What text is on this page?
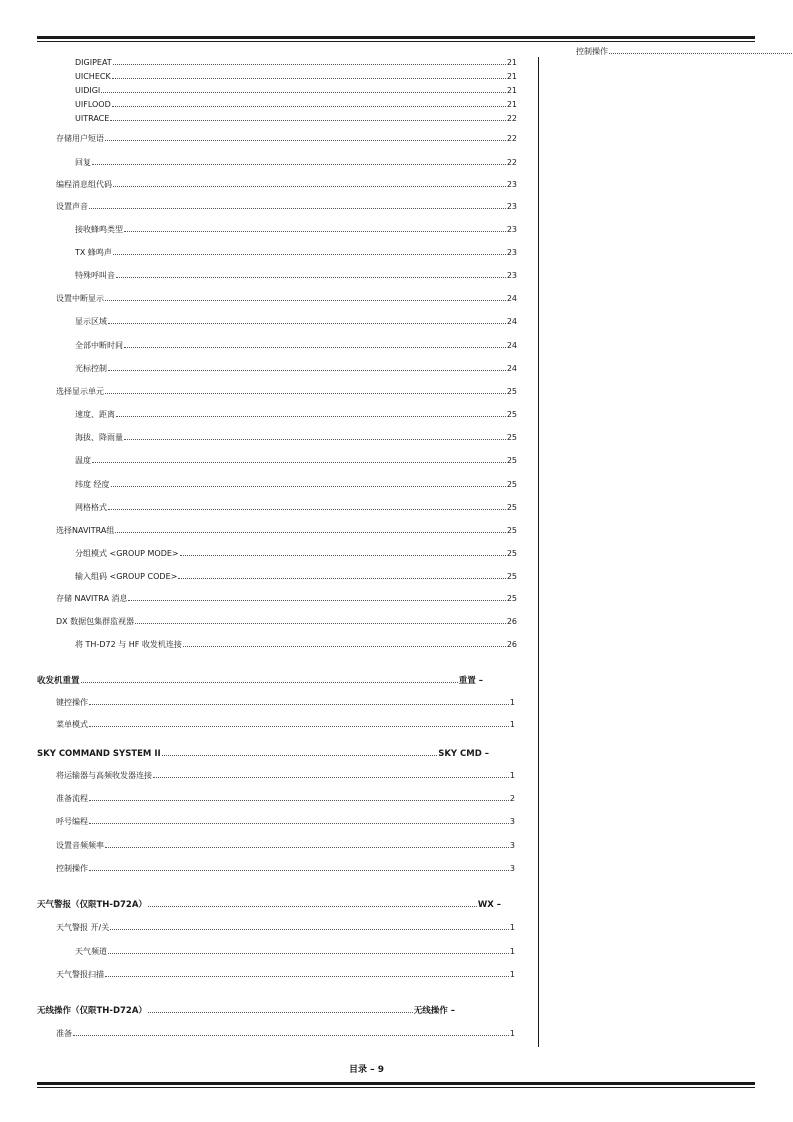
DIGIPEAT	21
UICHECK	21
UIDIGI	21
UIFLOOD	21
UITRACE	22
存储用户短语	22
回复	22
编程消息组代码	23
设置声音	23
接收蜂鸣类型	23
TX 蜂鸣声	23
特殊呼叫音	23
设置中断显示	24
显示区域	24
全部中断时间	24
光标控制	24
选择显示单元	25
速度、距离	25
海拔、降雨量	25
温度	25
纬度 经度	25
网格格式	25
选择NAVITRA组	25
分组模式 <GROUP MODE>	25
输入组码 <GROUP CODE>	25
存储 NAVITRA 消息	25
DX 数据包集群监视器	26
将 TH-D72 与 HF 收发机连接	26
收发机重置	重置 –
键控操作	1
菜单模式	1
SKY COMMAND SYSTEM II	SKY CMD –
将运输器与高频收发器连接	1
准备流程	2
呼号编程	3
设置音频频率	3
控制操作	3
天气警报（仅限TH-D72A）	WX –
天气警报 开/关	1
天气频道	1
天气警报扫描	1
无线操作（仅限TH-D72A）	无线操作 –
准备	1
控制操作
目录 – 9
